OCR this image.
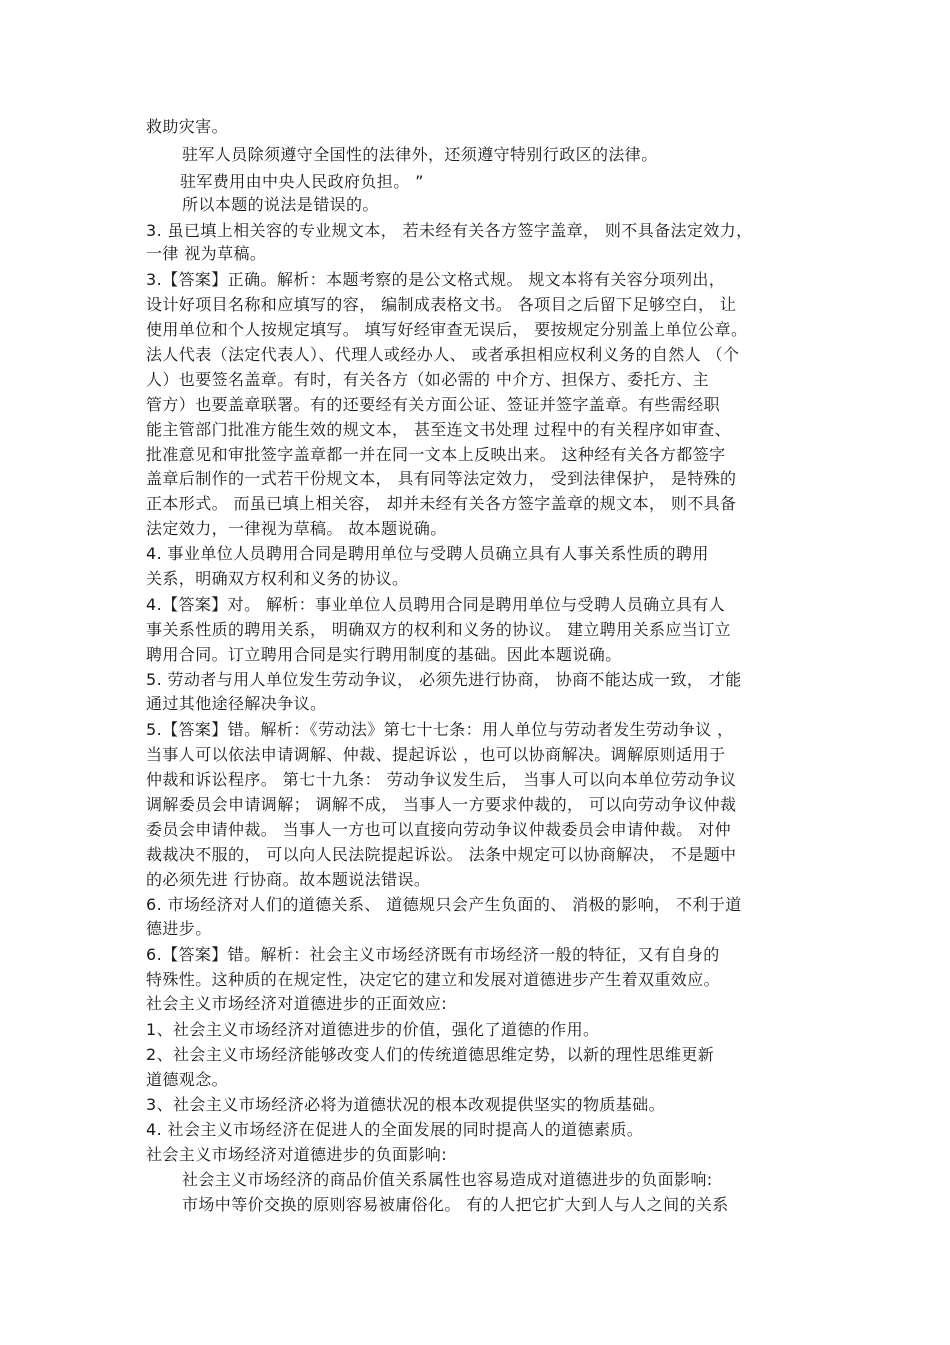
救助灾害。
驻军人员除须遵守全国性的法律外，还须遵守特别行政区的法律。
驻军费用由中央人民政府负担。 ”
所以本题的说法是错误的。
3. 虽已填上相关容的专业规文本， 若未经有关各方签字盖章， 则不具备法定效力，
一律 视为草稿。
3.【答案】正确。解析：本题考察的是公文格式规。 规文本将有关容分项列出，
设计好项目名称和应填写的容， 编制成表格文书。 各项目之后留下足够空白， 让
使用单位和个人按规定填写。 填写好经审查无误后， 要按规定分别盖上单位公章。
法人代表（法定代表人）、代理人或经办人、 或者承担相应权利义务的自然人 （个
人）也要签名盖章。有时，有关各方（如必需的 中介方、担保方、委托方、主
管方）也要盖章联署。有的还要经有关方面公证、签证并签字盖章。有些需经职
能主管部门批准方能生效的规文本， 甚至连文书处理 过程中的有关程序如审查、
批准意见和审批签字盖章都一并在同一文本上反映出来。 这种经有关各方都签字
盖章后制作的一式若干份规文本， 具有同等法定效力， 受到法律保护， 是特殊的
正本形式。 而虽已填上相关容， 却并未经有关各方签字盖章的规文本， 则不具备
法定效力，一律视为草稿。 故本题说确。
4. 事业单位人员聘用合同是聘用单位与受聘人员确立具有人事关系性质的聘用
关系，明确双方权利和义务的协议。
4.【答案】对。 解析：事业单位人员聘用合同是聘用单位与受聘人员确立具有人
事关系性质的聘用关系， 明确双方的权利和义务的协议。 建立聘用关系应当订立
聘用合同。订立聘用合同是实行聘用制度的基础。因此本题说确。
5. 劳动者与用人单位发生劳动争议， 必须先进行协商， 协商不能达成一致， 才能
通过其他途径解决争议。
5.【答案】错。解析：《劳动法》第七十七条：用人单位与劳动者发生劳动争议 ，
当事人可以依法申请调解、仲裁、提起诉讼 ，也可以协商解决。调解原则适用于
仲裁和诉讼程序。 第七十九条： 劳动争议发生后， 当事人可以向本单位劳动争议
调解委员会申请调解； 调解不成， 当事人一方要求仲裁的， 可以向劳动争议仲裁
委员会申请仲裁。 当事人一方也可以直接向劳动争议仲裁委员会申请仲裁。 对仲
裁裁决不服的， 可以向人民法院提起诉讼。 法条中规定可以协商解决， 不是题中
的必须先进 行协商。故本题说法错误。
6. 市场经济对人们的道德关系、 道德规只会产生负面的、 消极的影响， 不利于道
德进步。
6.【答案】错。解析：社会主义市场经济既有市场经济一般的特征，又有自身的
特殊性。这种质的在规定性，决定它的建立和发展对道德进步产生着双重效应。
社会主义市场经济对道德进步的正面效应:
1、社会主义市场经济对道德进步的价值，强化了道德的作用。
2、社会主义市场经济能够改变人们的传统道德思维定势，以新的理性思维更新
道德观念。
3、社会主义市场经济必将为道德状况的根本改观提供坚实的物质基础。
4. 社会主义市场经济在促进人的全面发展的同时提高人的道德素质。
社会主义市场经济对道德进步的负面影响:
社会主义市场经济的商品价值关系属性也容易造成对道德进步的负面影响:
市场中等价交换的原则容易被庸俗化。 有的人把它扩大到人与人之间的关系
